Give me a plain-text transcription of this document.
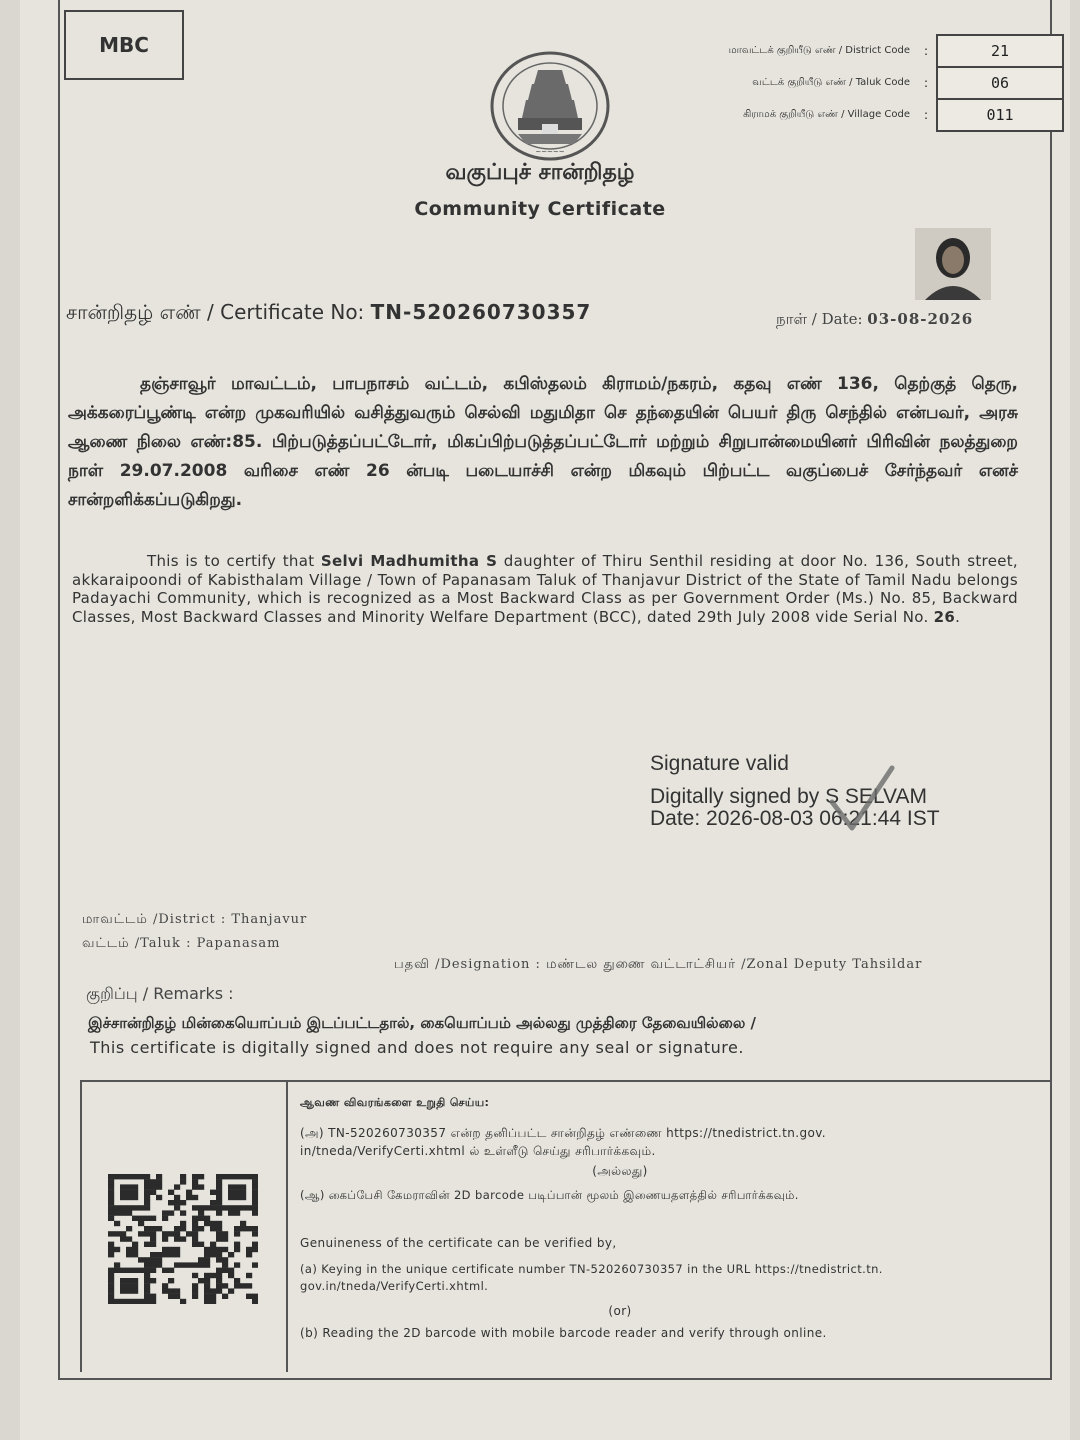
MBC
~~~~~
மாவட்டக் குறியீடு எண் / District Code	:	21
வட்டக் குறியீடு எண் / Taluk Code	:	06
கிராமக் குறியீடு எண் / Village Code	:	011
வகுப்புச் சான்றிதழ்
Community Certificate
சான்றிதழ் எண் / Certificate No: TN-520260730357	நாள் / Date: 03-08-2026
தஞ்சாவூர் மாவட்டம், பாபநாசம் வட்டம், கபிஸ்தலம் கிராமம்/நகரம், கதவு எண் 136, தெற்குத் தெரு, அக்கரைப்பூண்டி என்ற முகவரியில் வசித்துவரும் செல்வி மதுமிதா செ தந்தையின் பெயர் திரு செந்தில் என்பவர், அரசு ஆணை நிலை எண்:85. பிற்படுத்தப்பட்டோர், மிகப்பிற்படுத்தப்பட்டோர் மற்றும் சிறுபான்மையினர் பிரிவின் நலத்துறை நாள் 29.07.2008 வரிசை எண் 26 ன்படி படையாச்சி என்ற மிகவும் பிற்பட்ட வகுப்பைச் சேர்ந்தவர் எனச் சான்றளிக்கப்படுகிறது.
This is to certify that Selvi Madhumitha S daughter of Thiru Senthil residing at door No. 136, South street, akkaraipoondi of Kabisthalam Village / Town of Papanasam Taluk of Thanjavur District of the State of Tamil Nadu belongs Padayachi Community, which is recognized as a Most Backward Class as per Government Order (Ms.) No. 85, Backward Classes, Most Backward Classes and Minority Welfare Department (BCC), dated 29th July 2008 vide Serial No. 26.
Signature valid
Digitally signed by S SELVAM
Date: 2026-08-03 06:21:44 IST
மாவட்டம் /District : Thanjavur
வட்டம் /Taluk : Papanasam
பதவி /Designation : மண்டல துணை வட்டாட்சியர் /Zonal Deputy Tahsildar
குறிப்பு / Remarks :
இச்சான்றிதழ் மின்கையொப்பம் இடப்பட்டதால், கையொப்பம் அல்லது முத்திரை தேவையில்லை /
This certificate is digitally signed and does not require any seal or signature.
ஆவண விவரங்களை உறுதி செய்ய:
(அ) TN-520260730357 என்ற தனிப்பட்ட சான்றிதழ் எண்ணை https://tnedistrict.tn.gov.
in/tneda/VerifyCerti.xhtml ல் உள்ளீடு செய்து சரிபார்க்கவும்.
(அல்லது)
(ஆ) கைப்பேசி கேமராவின் 2D barcode படிப்பான் மூலம் இணையதளத்தில் சரிபார்க்கவும்.
Genuineness of the certificate can be verified by,
(a) Keying in the unique certificate number TN-520260730357 in the URL https://tnedistrict.tn.
gov.in/tneda/VerifyCerti.xhtml.
(or)
(b) Reading the 2D barcode with mobile barcode reader and verify through online.
